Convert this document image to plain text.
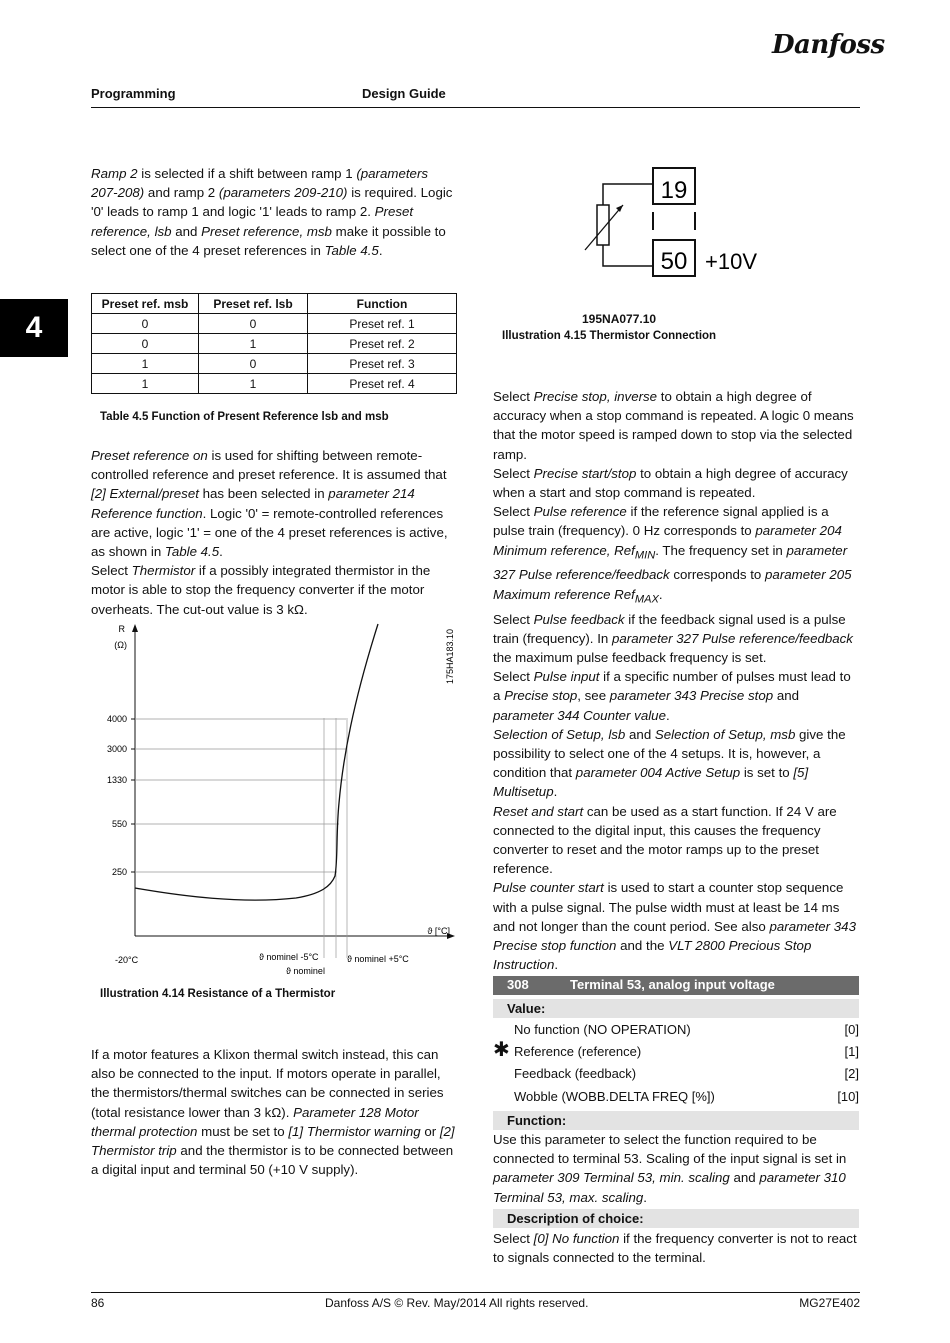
Danfoss
Programming	Design Guide
4

Ramp 2 is selected if a shift between ramp 1 (parameters 207-208) and ramp 2 (parameters 209-210) is required. Logic '0' leads to ramp 1 and logic '1' leads to ramp 2. Preset reference, lsb and Preset reference, msb make it possible to select one of the 4 preset references in Table 4.5.

Preset ref. msb	Preset ref. lsb	Function
0	0	Preset ref. 1
0	1	Preset ref. 2
1	0	Preset ref. 3
1	1	Preset ref. 4
Table 4.5 Function of Present Reference lsb and msb

Preset reference on is used for shifting between remote-controlled reference and preset reference. It is assumed that [2] External/preset has been selected in parameter 214 Reference function. Logic '0' = remote-controlled references are active, logic '1' = one of the 4 preset references is active, as shown in Table 4.5.
Select Thermistor if a possibly integrated thermistor in the motor is able to stop the frequency converter if the motor overheats. The cut-out value is 3 kΩ.

R
(Ω)
ϑ [°C]
4000
3000
1330
550
250
-20°C	ϑ nominel -5°C
ϑ nominel
ϑ nominel +5°C
175HA183.10
Illustration 4.14 Resistance of a Thermistor

If a motor features a Klixon thermal switch instead, this can also be connected to the input. If motors operate in parallel, the thermistors/thermal switches can be connected in series (total resistance lower than 3 kΩ). Parameter 128 Motor thermal protection must be set to [1] Thermistor warning or [2] Thermistor trip and the thermistor is to be connected between a digital input and terminal 50 (+10 V supply).

19
50 +10V
195NA077.10
Illustration 4.15 Thermistor Connection

Select Precise stop, inverse to obtain a high degree of accuracy when a stop command is repeated. A logic 0 means that the motor speed is ramped down to stop via the selected ramp.
Select Precise start/stop to obtain a high degree of accuracy when a start and stop command is repeated.
Select Pulse reference if the reference signal applied is a pulse train (frequency). 0 Hz corresponds to parameter 204 Minimum reference, Ref$_{MIN}$. The frequency set in parameter 327 Pulse reference/feedback corresponds to parameter 205 Maximum reference Ref$_{MAX}$.
Select Pulse feedback if the feedback signal used is a pulse train (frequency). In parameter 327 Pulse reference/feedback the maximum pulse feedback frequency is set.
Select Pulse input if a specific number of pulses must lead to a Precise stop, see parameter 343 Precise stop and parameter 344 Counter value.
Selection of Setup, lsb and Selection of Setup, msb give the possibility to select one of the 4 setups. It is, however, a condition that parameter 004 Active Setup is set to [5] Multisetup.
Reset and start can be used as a start function. If 24 V are connected to the digital input, this causes the frequency converter to reset and the motor ramps up to the preset reference.
Pulse counter start is used to start a counter stop sequence with a pulse signal. The pulse width must at least be 14 ms and not longer than the count period. See also parameter 343 Precise stop function and the VLT 2800 Precious Stop Instruction.

308	Terminal 53, analog input voltage
Value:
No function (NO OPERATION)	[0]
✱ Reference (reference)	[1]
Feedback (feedback)	[2]
Wobble (WOBB.DELTA FREQ [%])	[10]
Function:

Use this parameter to select the function required to be connected to terminal 53. Scaling of the input signal is set in parameter 309 Terminal 53, min. scaling and parameter 310 Terminal 53, max. scaling.

Description of choice:

Select [0] No function if the frequency converter is not to react to signals connected to the terminal.

86	Danfoss A/S © Rev. May/2014 All rights reserved.	MG27E402
